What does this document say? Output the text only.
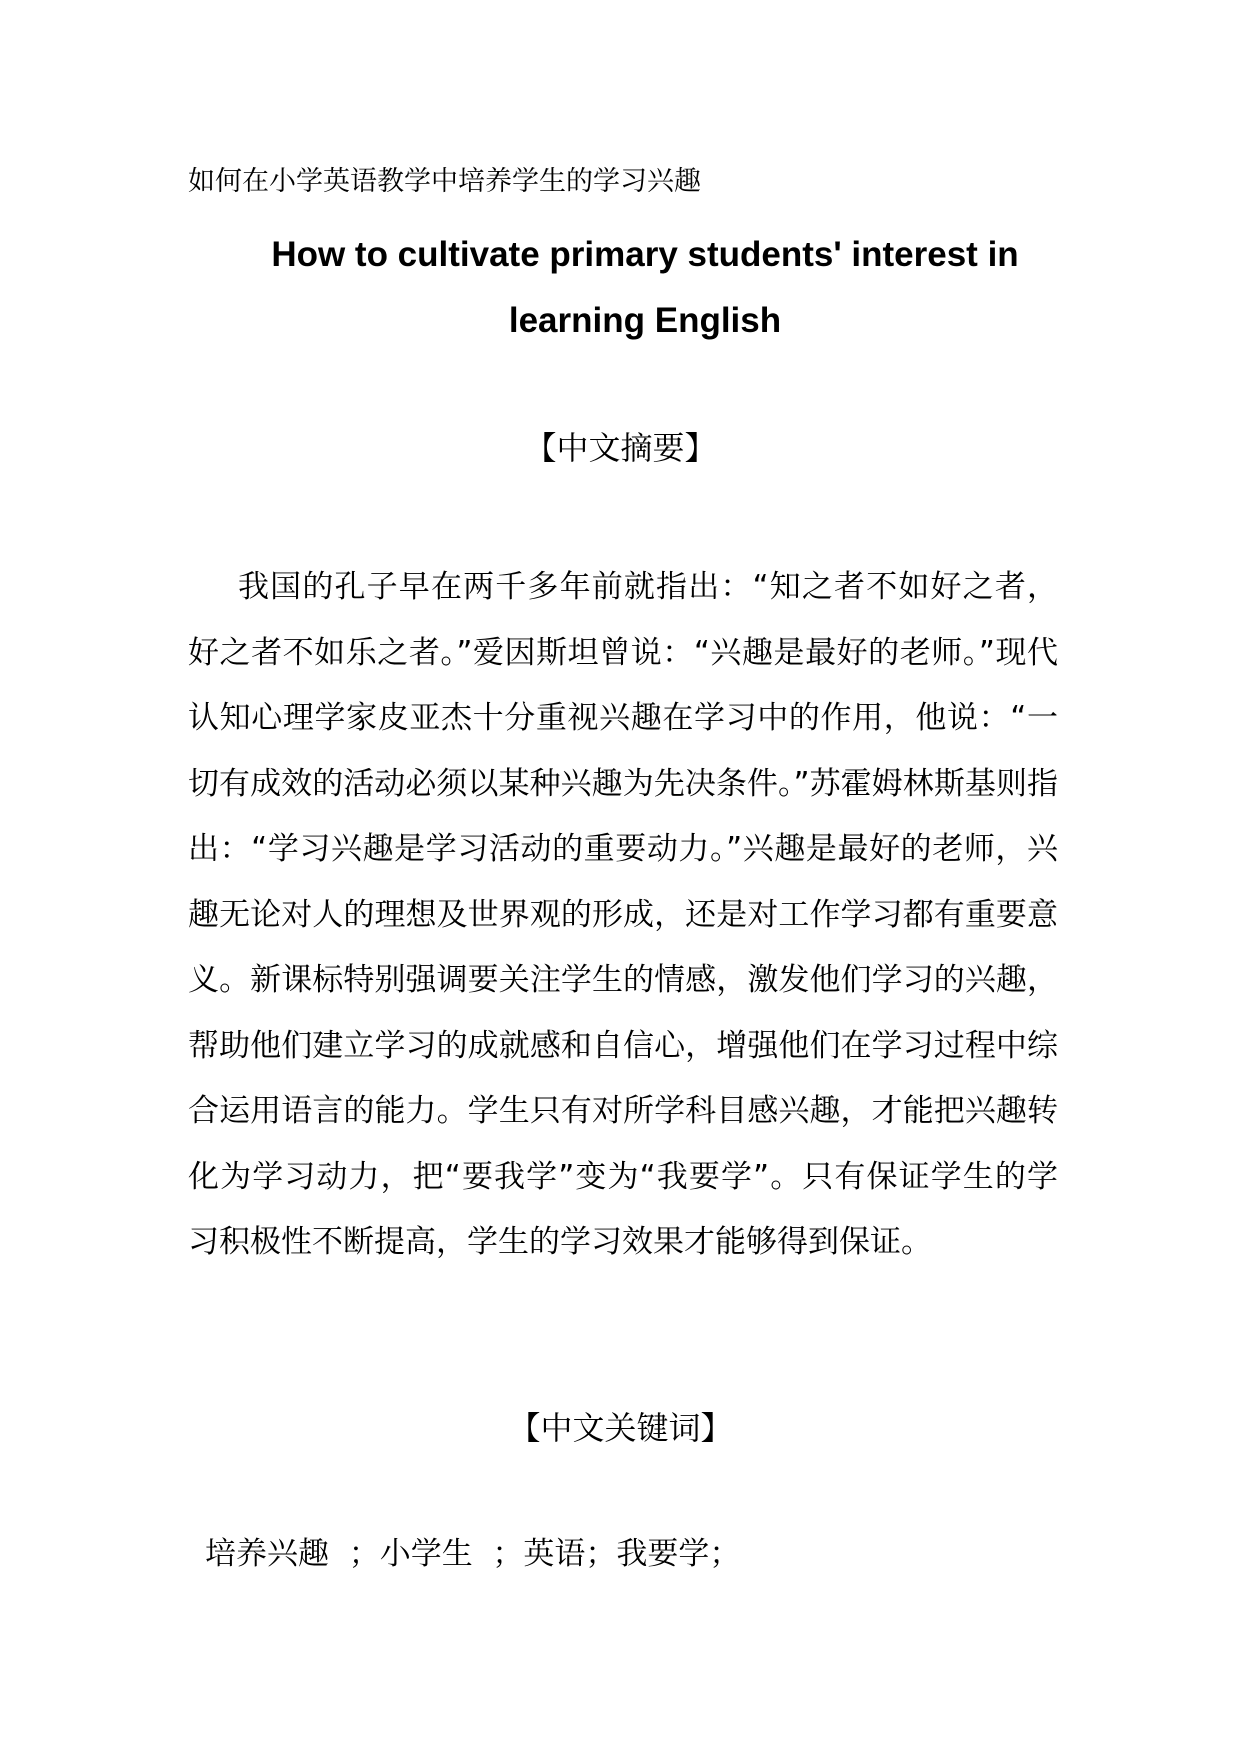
如何在小学英语教学中培养学生的学习兴趣
How to cultivate primary students' interest in learning English
【中文摘要】
我国的孔子早在两千多年前就指出：“知之者不如好之者，好之者不如乐之者。”爱因斯坦曾说：“兴趣是最好的老师。”现代认知心理学家皮亚杰十分重视兴趣在学习中的作用，他说：“一切有成效的活动必须以某种兴趣为先决条件。”苏霍姆林斯基则指出：“学习兴趣是学习活动的重要动力。”兴趣是最好的老师，兴趣无论对人的理想及世界观的形成，还是对工作学习都有重要意义。新课标特别强调要关注学生的情感，激发他们学习的兴趣，帮助他们建立学习的成就感和自信心，增强他们在学习过程中综合运用语言的能力。学生只有对所学科目感兴趣，才能把兴趣转化为学习动力，把“要我学”变为“我要学”。只有保证学生的学习积极性不断提高，学生的学习效果才能够得到保证。
【中文关键词】
培养兴趣  ；小学生  ；英语；我要学；
